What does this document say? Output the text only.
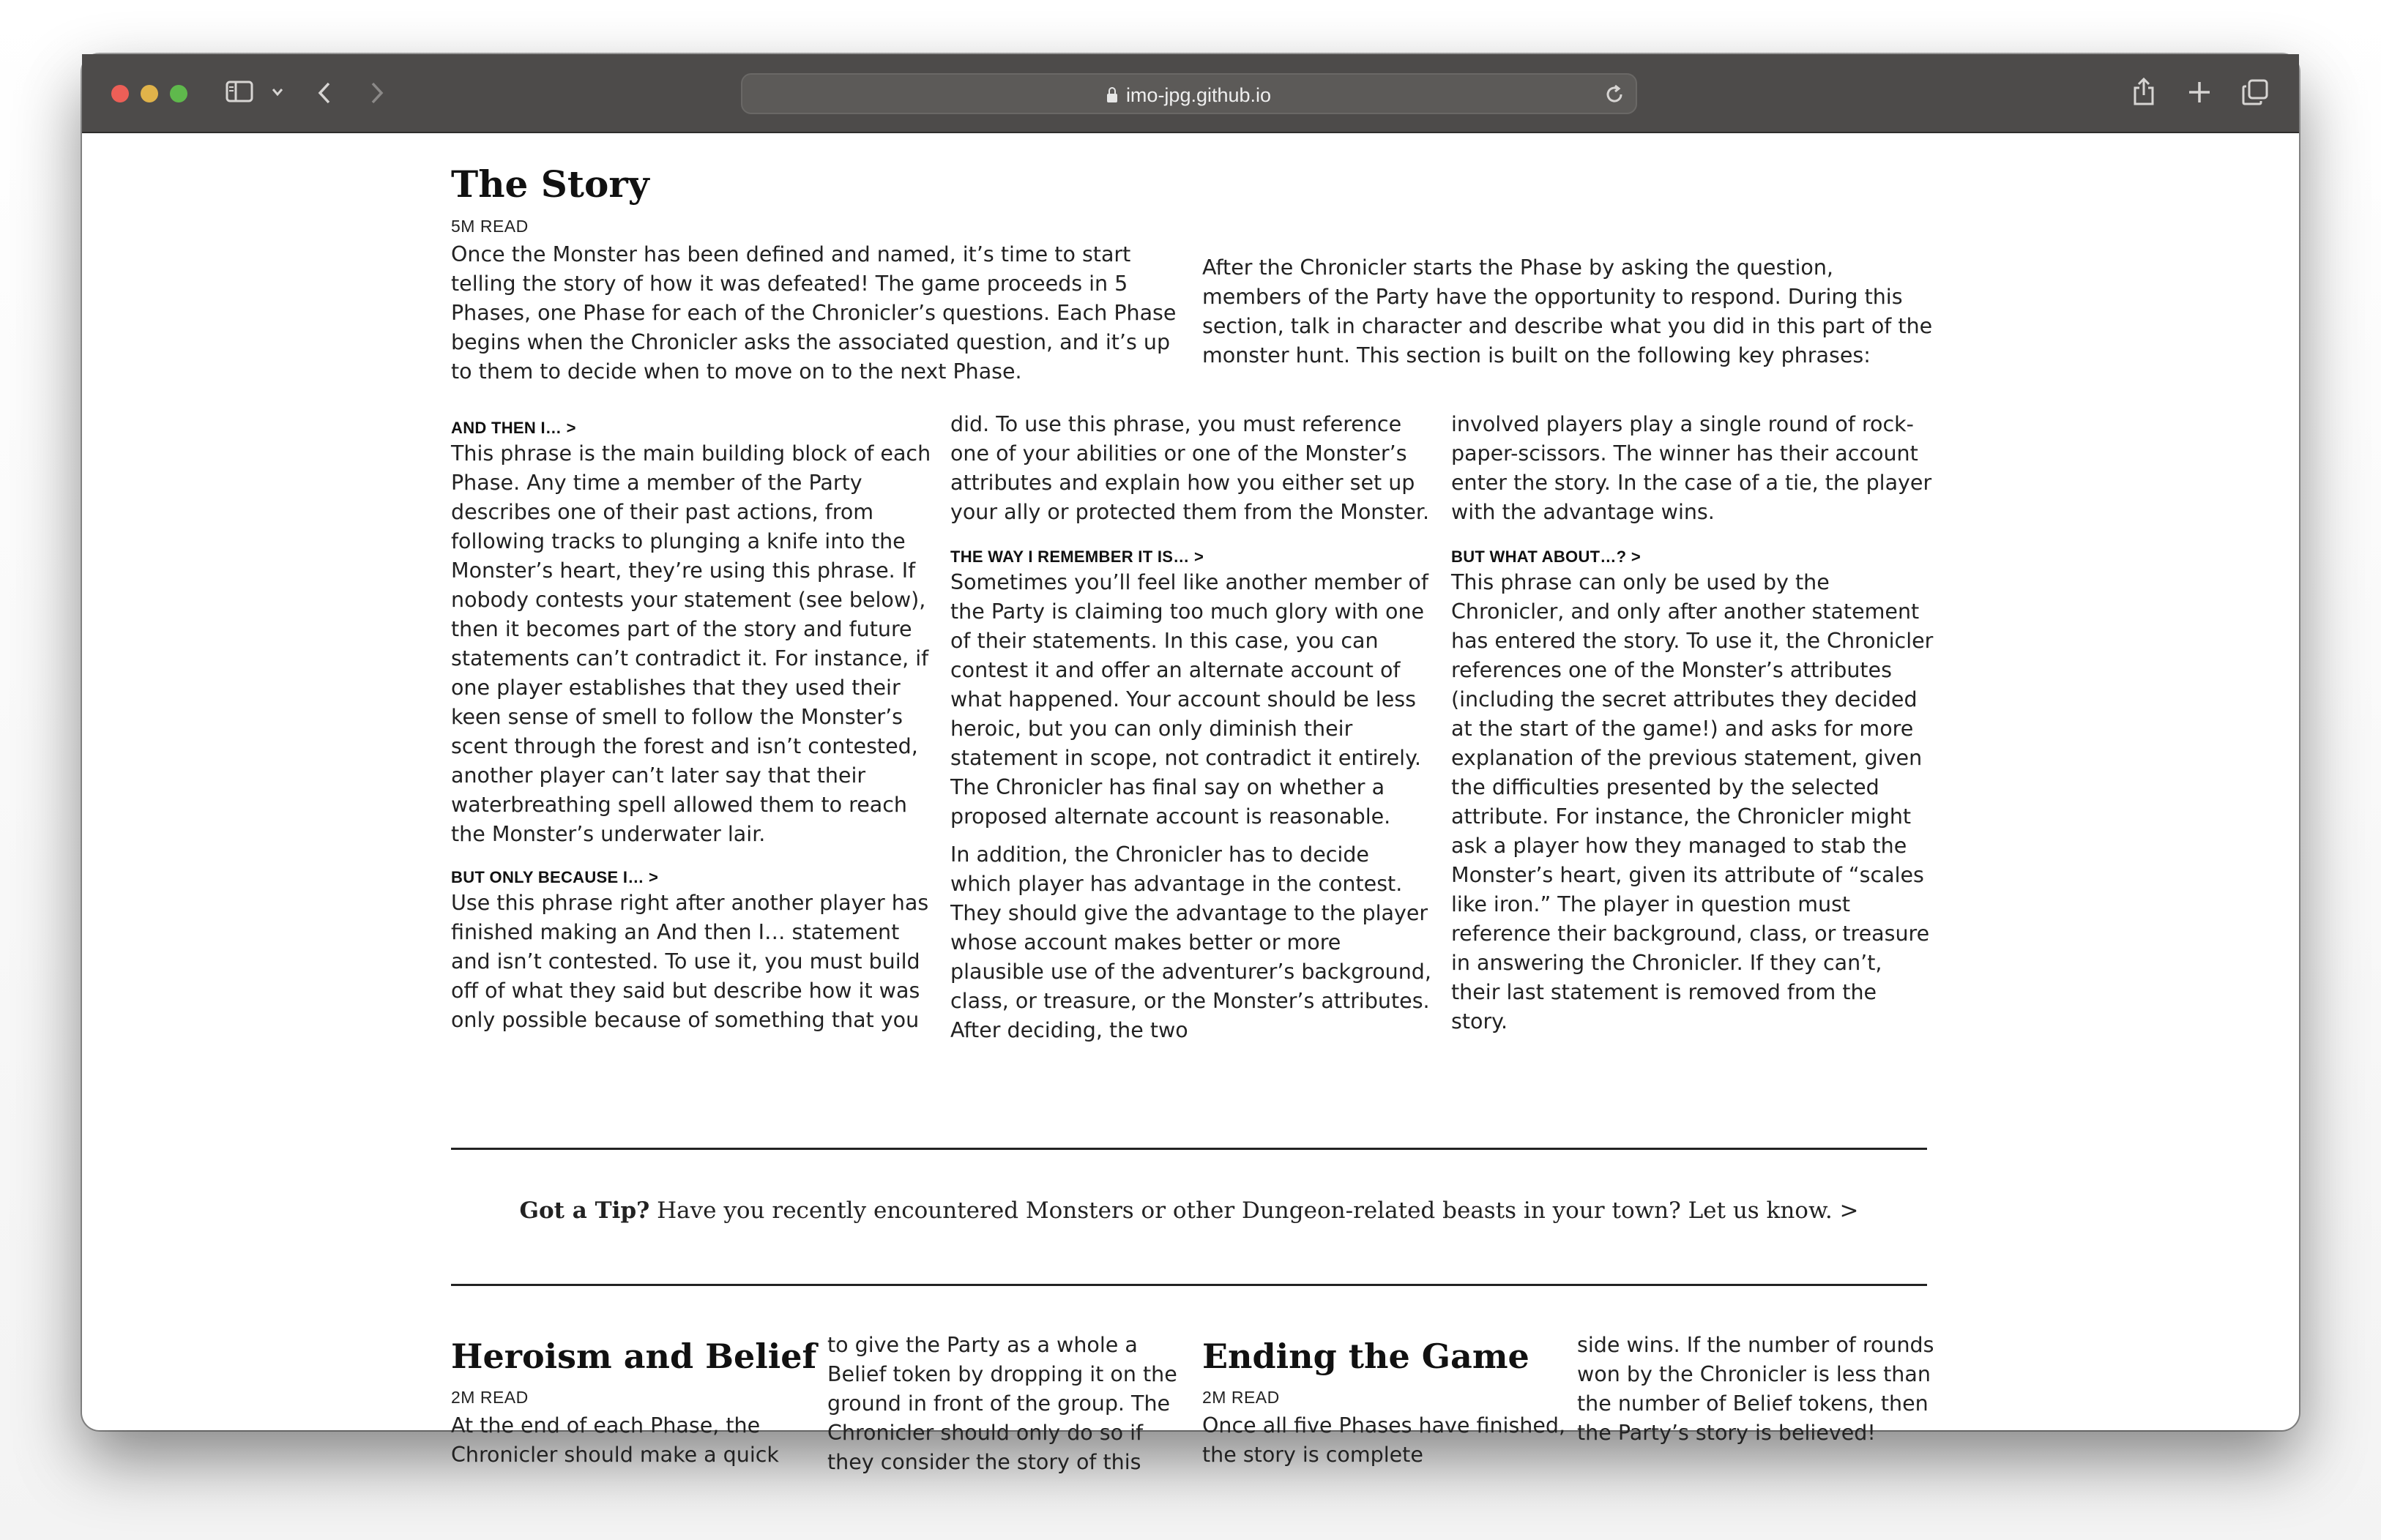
imo-jpg.github.io
The Story
5M READ

Once the Monster has been defined and named, it’s time to start telling the story of how it was defeated! The game proceeds in 5 Phases, one Phase for each of the Chronicler’s questions. Each Phase begins when the Chronicler asks the associated question, and it’s up to them to decide when to move on to the next Phase.

After the Chronicler starts the Phase by asking the question, members of the Party have the opportunity to respond. During this section, talk in character and describe what you did in this part of the monster hunt. This section is built on the following key phrases:

AND THEN I… >

This phrase is the main building block of each Phase. Any time a member of the Party describes one of their past actions, from following tracks to plunging a knife into the Monster’s heart, they’re using this phrase. If nobody contests your statement (see below), then it becomes part of the story and future statements can’t contradict it. For instance, if one player establishes that they used their keen sense of smell to follow the Monster’s scent through the forest and isn’t contested, another player can’t later say that their waterbreathing spell allowed them to reach the Monster’s underwater lair.

BUT ONLY BECAUSE I… >

Use this phrase right after another player has finished making an And then I… statement and isn’t contested. To use it, you must build off of what they said but describe how it was only possible because of something that you

did. To use this phrase, you must reference one of your abilities or one of the Monster’s attributes and explain how you either set up your ally or protected them from the Monster.

THE WAY I REMEMBER IT IS… >

Sometimes you’ll feel like another member of the Party is claiming too much glory with one of their statements. In this case, you can contest it and offer an alternate account of what happened. Your account should be less heroic, but you can only diminish their statement in scope, not contradict it entirely. The Chronicler has final say on whether a proposed alternate account is reasonable.

In addition, the Chronicler has to decide which player has advantage in the contest. They should give the advantage to the player whose account makes better or more plausible use of the adventurer’s background, class, or treasure, or the Monster’s attributes. After deciding, the two

involved players play a single round of rock-paper-scissors. The winner has their account enter the story. In the case of a tie, the player with the advantage wins.

BUT WHAT ABOUT…? >

This phrase can only be used by the Chronicler, and only after another statement has entered the story. To use it, the Chronicler references one of the Monster’s attributes (including the secret attributes they decided at the start of the game!) and asks for more explanation of the previous statement, given the difficulties presented by the selected attribute. For instance, the Chronicler might ask a player how they managed to stab the Monster’s heart, given its attribute of “scales like iron.” The player in question must reference their background, class, or treasure in answering the Chronicler. If they can’t, their last statement is removed from the story.

Got a Tip? Have you recently encountered Monsters or other Dungeon-related beasts in your town? Let us know. >
Heroism and Belief
2M READ

At the end of each Phase, the Chronicler should make a quick

to give the Party as a whole a Belief token by dropping it on the ground in front of the group. The Chronicler should only do so if they consider the story of this

Ending the Game
2M READ

Once all five Phases have finished, the story is complete

side wins. If the number of rounds won by the Chronicler is less than the number of Belief tokens, then the Party’s story is believed!
